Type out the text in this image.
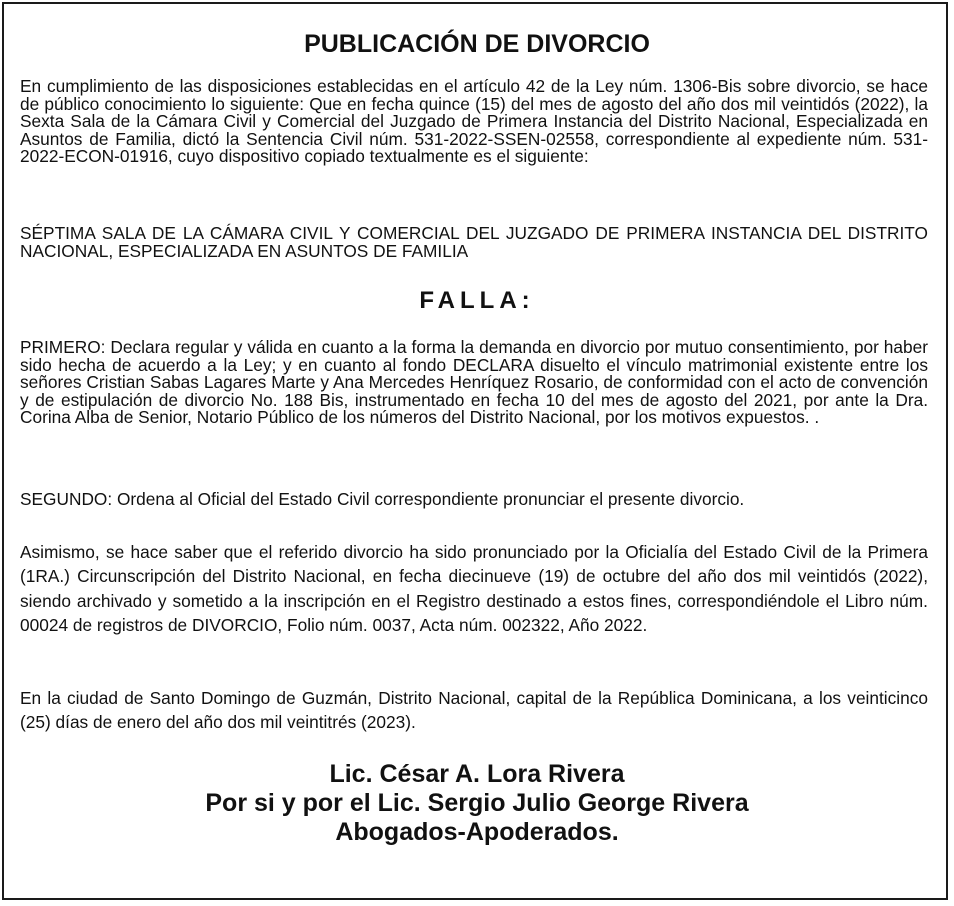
PUBLICACIÓN DE DIVORCIO

En cumplimiento de las disposiciones establecidas en el artículo 42 de la Ley núm. 1306-Bis sobre divorcio, se hace de público conocimiento lo siguiente: Que en fecha quince (15) del mes de agosto del año dos mil veintidós (2022), la Sexta Sala de la Cámara Civil y Comercial del Juzgado de Primera Instancia del Distrito Nacional, Especializada en Asuntos de Familia, dictó la Sentencia Civil núm. 531-2022-SSEN-02558, correspondiente al expediente núm. 531-2022-ECON-01916, cuyo dispositivo copiado textualmente es el siguiente:

SÉPTIMA SALA DE LA CÁMARA CIVIL Y COMERCIAL DEL JUZGADO DE PRIMERA INSTANCIA DEL DISTRITO NACIONAL, ESPECIALIZADA EN ASUNTOS DE FAMILIA

FALLA:

PRIMERO: Declara regular y válida en cuanto a la forma la demanda en divorcio por mutuo consentimiento, por haber sido hecha de acuerdo a la Ley; y en cuanto al fondo DECLARA disuelto el vínculo matrimonial existente entre los señores Cristian Sabas Lagares Marte y Ana Mercedes Henríquez Rosario, de conformidad con el acto de convención y de estipulación de divorcio No. 188 Bis, instrumentado en fecha 10 del mes de agosto del 2021, por ante la Dra. Corina Alba de Senior, Notario Público de los números del Distrito Nacional, por los motivos expuestos. .

SEGUNDO: Ordena al Oficial del Estado Civil correspondiente pronunciar el presente divorcio.

Asimismo, se hace saber que el referido divorcio ha sido pronunciado por la Oficialía del Estado Civil de la Primera (1RA.) Circunscripción del Distrito Nacional, en fecha diecinueve (19) de octubre del año dos mil veintidós (2022), siendo archivado y sometido a la inscripción en el Registro destinado a estos fines, correspondiéndole el Libro núm. 00024 de registros de DIVORCIO, Folio núm. 0037, Acta núm. 002322, Año 2022.

En la ciudad de Santo Domingo de Guzmán, Distrito Nacional, capital de la República Dominicana, a los veinticinco (25) días de enero del año dos mil veintitrés (2023).

Lic. César A. Lora Rivera
Por si y por el Lic. Sergio Julio George Rivera
Abogados-Apoderados.
